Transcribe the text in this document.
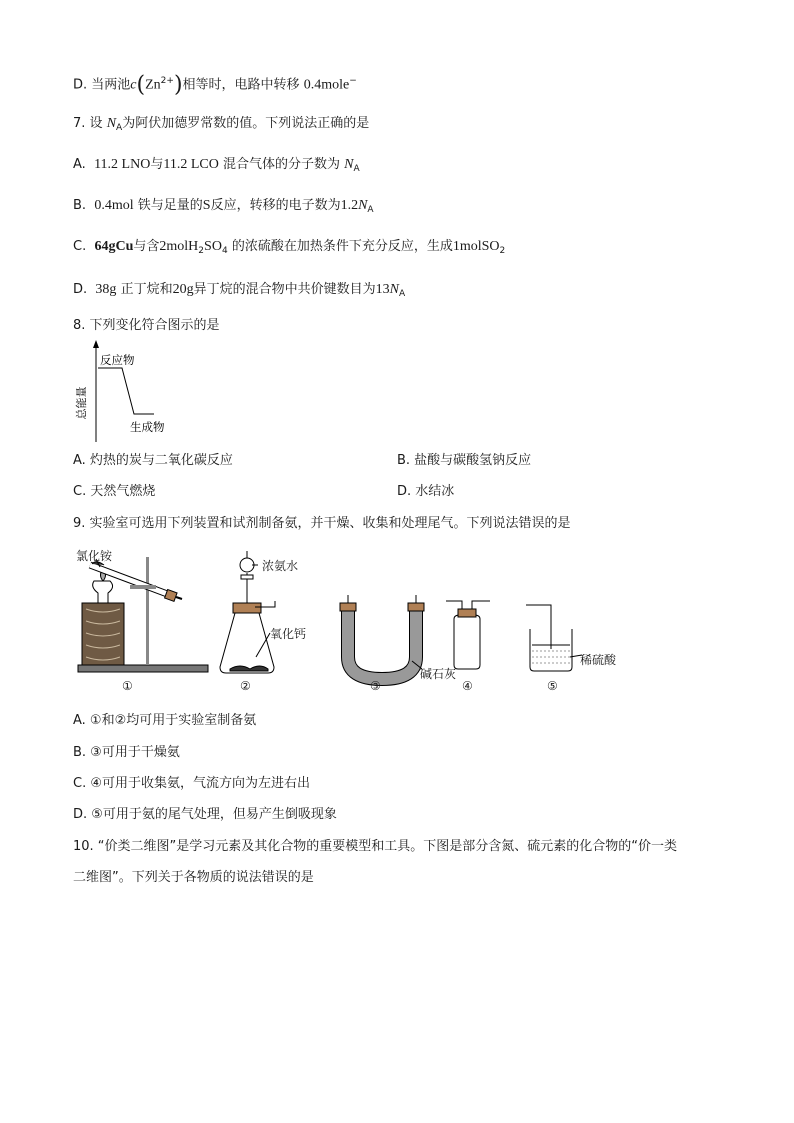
D. 当两池$c(Zn^{2+})$相等时，电路中转移 0.4mole−
7. 设 $N_A$为阿伏加德罗常数的值。下列说法正确的是
A. 11.2 LNO与11.2 LCO 混合气体的分子数为 $N_A$
B. 0.4mol 铁与足量的S反应，转移的电子数为$1.2N_A$
C. 64gCu与含$2molH_2SO_4$ 的浓硫酸在加热条件下充分反应，生成1molSO$_2$
D. 38g 正丁烷和20g异丁烷的混合物中共价键数目为$13N_A$
8. 下列变化符合图示的是
总能量
反应物
生成物
A. 灼热的炭与二氧化碳反应	B. 盐酸与碳酸氢钠反应
C. 天然气燃烧	D. 水结冰
9. 实验室可选用下列装置和试剂制备氨，并干燥、收集和处理尾气。下列说法错误的是
氯化铵
浓氨水
氧化钙
碱石灰
稀硫酸
①	②	③	④	⑤
A. ①和②均可用于实验室制备氨
B. ③可用于干燥氨
C. ④可用于收集氨，气流方向为左进右出
D. ⑤可用于氨的尾气处理，但易产生倒吸现象
10. “价类二维图”是学习元素及其化合物的重要模型和工具。下图是部分含氮、硫元素的化合物的“价一类
二维图”。下列关于各物质的说法错误的是
